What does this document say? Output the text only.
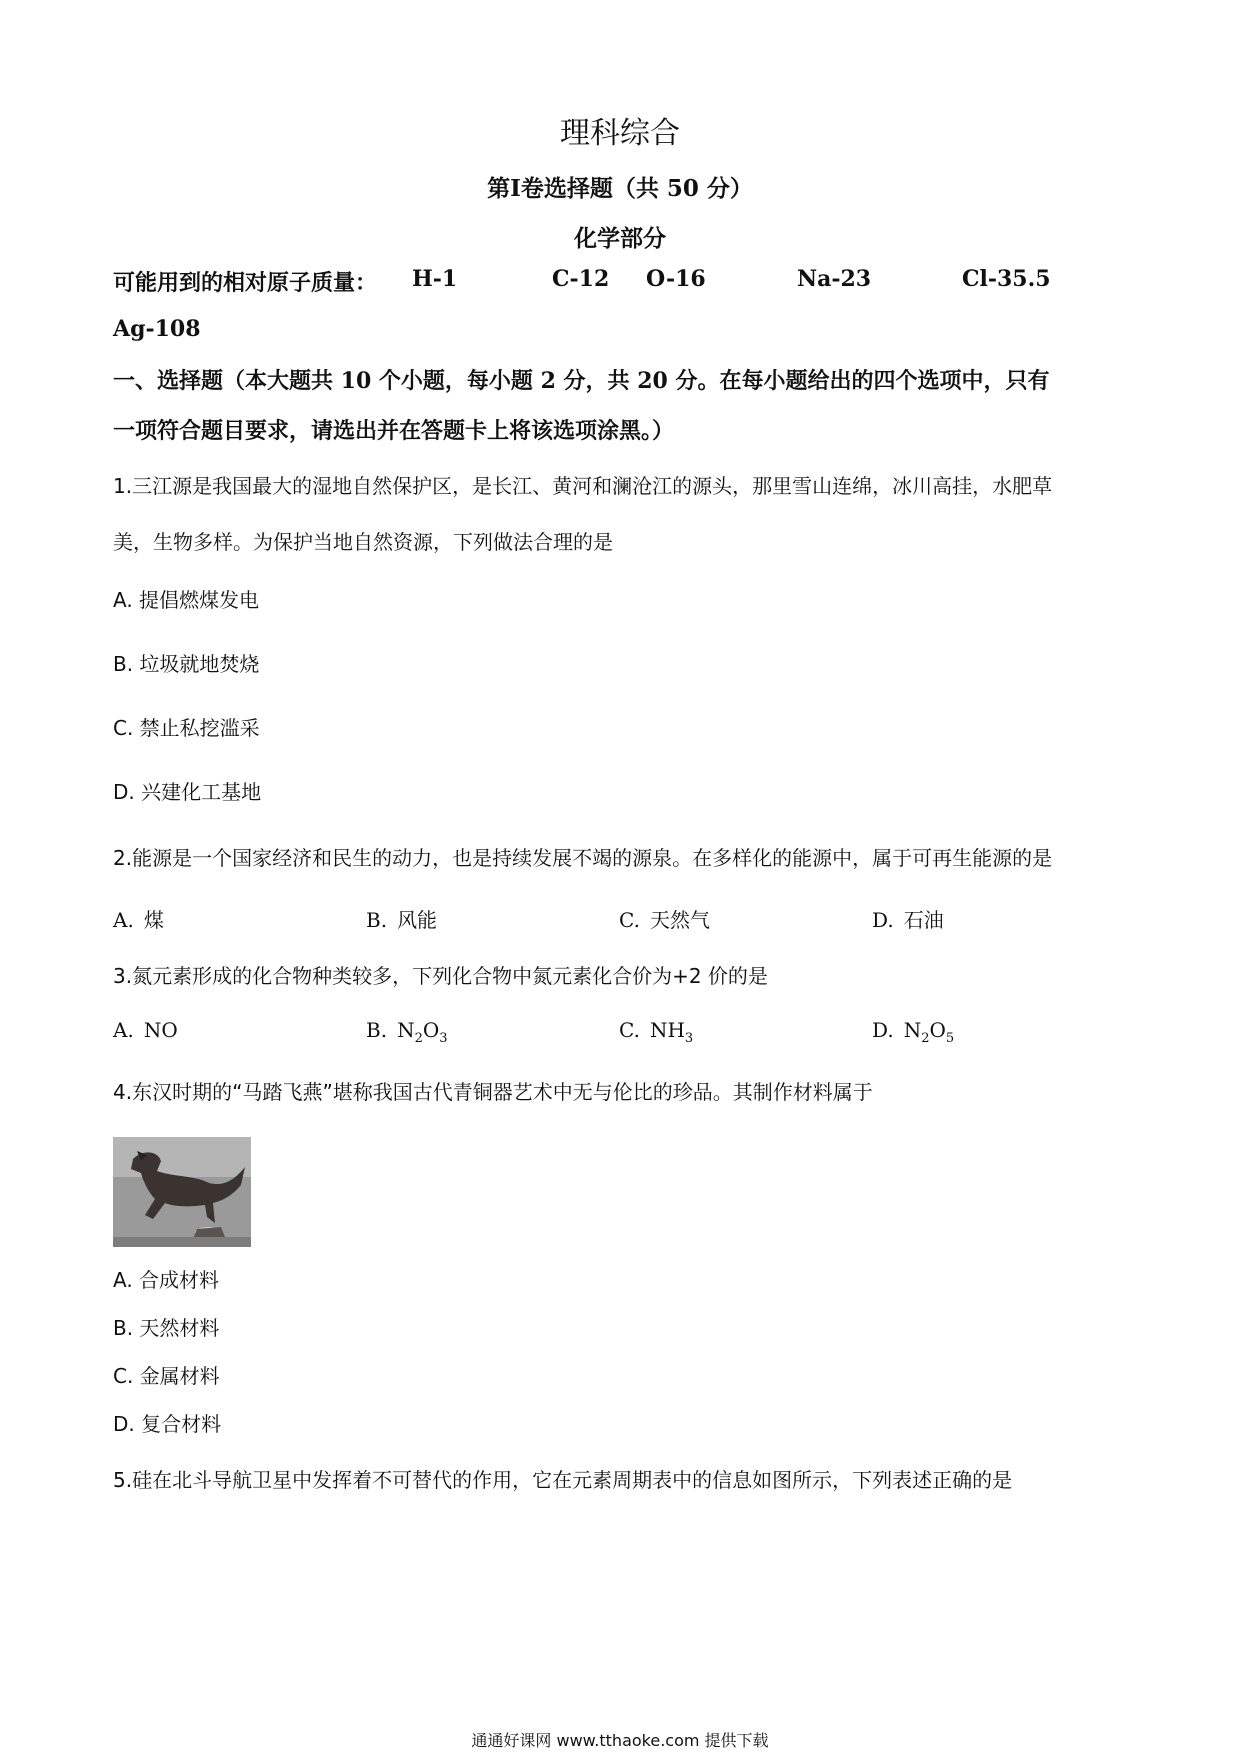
理科综合
第Ⅰ卷选择题（共 50 分）
化学部分
可能用到的相对原子质量： H-1	C-12 O-16	Na-23	Cl-35.5
Ag-108
一、选择题（本大题共 10 个小题，每小题 2 分，共 20 分。在每小题给出的四个选项中，只有
一项符合题目要求，请选出并在答题卡上将该选项涂黑。）
1.三江源是我国最大的湿地自然保护区，是长江、黄河和澜沧江的源头，那里雪山连绵，冰川高挂，水肥草
美，生物多样。为保护当地自然资源，下列做法合理的是
A. 提倡燃煤发电
B. 垃圾就地焚烧
C. 禁止私挖滥采
D. 兴建化工基地
2.能源是一个国家经济和民生的动力，也是持续发展不竭的源泉。在多样化的能源中，属于可再生能源的是
A. 煤	B. 风能	C. 天然气	D. 石油
3.氮元素形成的化合物种类较多，下列化合物中氮元素化合价为+2 价的是
A. NO	B. $N_2O_3$	C. $NH_3$	D. $N_2O_5$
4.东汉时期的“马踏飞燕”堪称我国古代青铜器艺术中无与伦比的珍品。其制作材料属于
A. 合成材料
B. 天然材料
C. 金属材料
D. 复合材料
5.硅在北斗导航卫星中发挥着不可替代的作用，它在元素周期表中的信息如图所示，下列表述正确的是
通通好课网 www.tthaoke.com 提供下载
